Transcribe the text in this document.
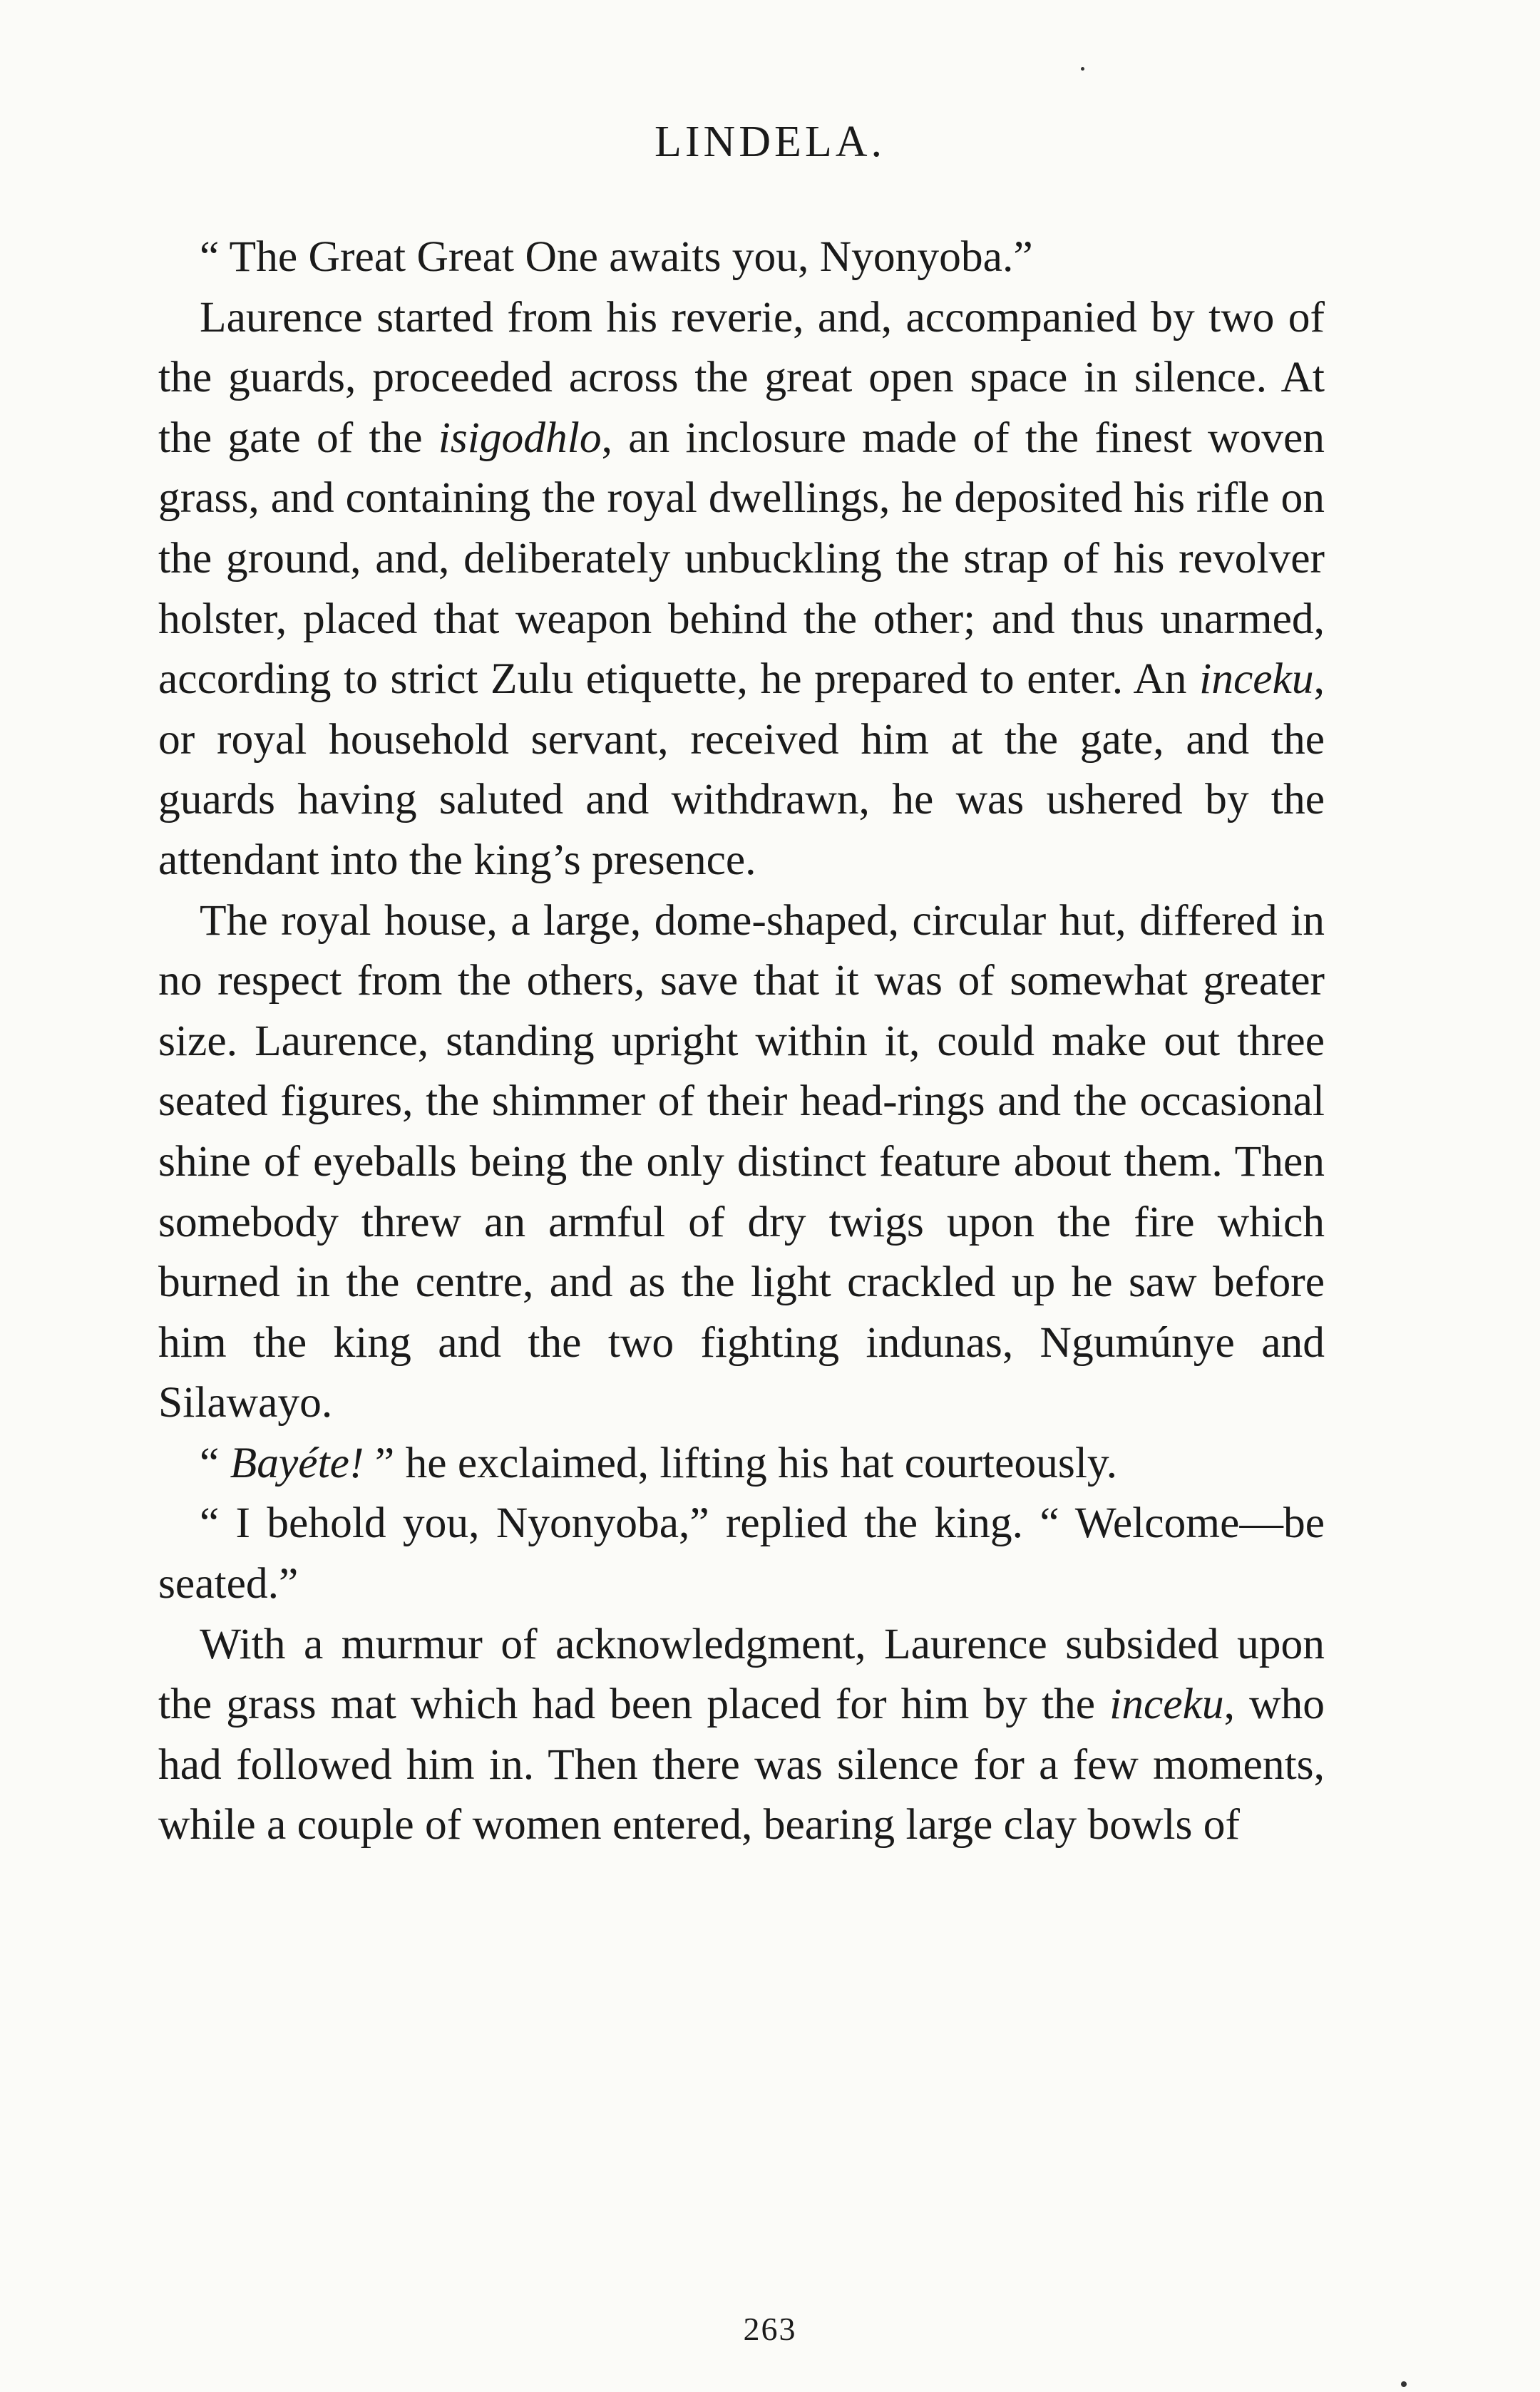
LINDELA.

“ The Great Great One awaits you, Nyonyoba.”

Laurence started from his reverie, and, accompanied by two of the guards, proceeded across the great open space in silence. At the gate of the isigodhlo, an inclosure made of the finest woven grass, and containing the royal dwellings, he deposited his rifle on the ground, and, deliberately unbuckling the strap of his revolver holster, placed that weapon behind the other; and thus unarmed, according to strict Zulu etiquette, he prepared to enter. An inceku, or royal household servant, received him at the gate, and the guards having saluted and withdrawn, he was ushered by the attendant into the king’s presence.

The royal house, a large, dome-shaped, circular hut, differed in no respect from the others, save that it was of somewhat greater size. Laurence, standing upright within it, could make out three seated figures, the shimmer of their head-rings and the occasional shine of eyeballs being the only distinct feature about them. Then somebody threw an armful of dry twigs upon the fire which burned in the centre, and as the light crackled up he saw before him the king and the two fighting indunas, Ngumúnye and Silawayo.

“ Bayéte! ” he exclaimed, lifting his hat courteously.

“ I behold you, Nyonyoba,” replied the king. “ Welcome—be seated.”

With a murmur of acknowledgment, Laurence subsided upon the grass mat which had been placed for him by the inceku, who had followed him in. Then there was silence for a few moments, while a couple of women entered, bearing large clay bowls of

263
